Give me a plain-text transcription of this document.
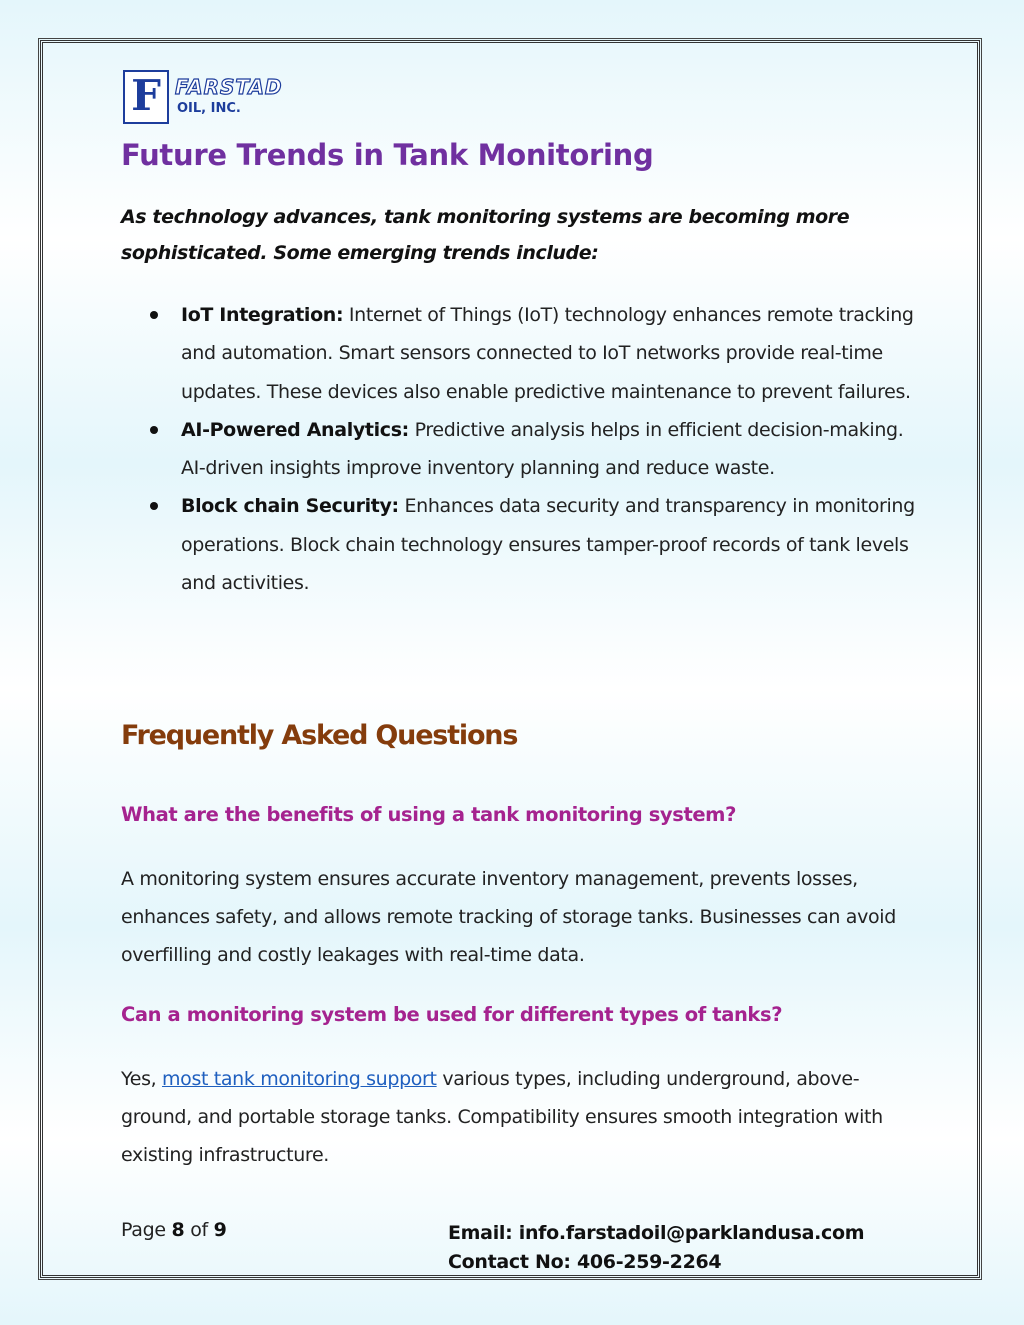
F FARSTAD
OIL, INC.
Future Trends in Tank Monitoring

As technology advances, tank monitoring systems are becoming more sophisticated. Some emerging trends include:

IoT Integration: Internet of Things (IoT) technology enhances remote tracking and automation. Smart sensors connected to IoT networks provide real-time updates. These devices also enable predictive maintenance to prevent failures.
AI-Powered Analytics: Predictive analysis helps in efficient decision-making. AI-driven insights improve inventory planning and reduce waste.
Block chain Security: Enhances data security and transparency in monitoring operations. Block chain technology ensures tamper-proof records of tank levels and activities.
Frequently Asked Questions
What are the benefits of using a tank monitoring system?

A monitoring system ensures accurate inventory management, prevents losses, enhances safety, and allows remote tracking of storage tanks. Businesses can avoid overfilling and costly leakages with real-time data.

Can a monitoring system be used for different types of tanks?

Yes, most tank monitoring support various types, including underground, above-ground, and portable storage tanks. Compatibility ensures smooth integration with existing infrastructure.

Page 8 of 9	Email: info.farstadoil@parklandusa.com
Contact No: 406-259-2264
